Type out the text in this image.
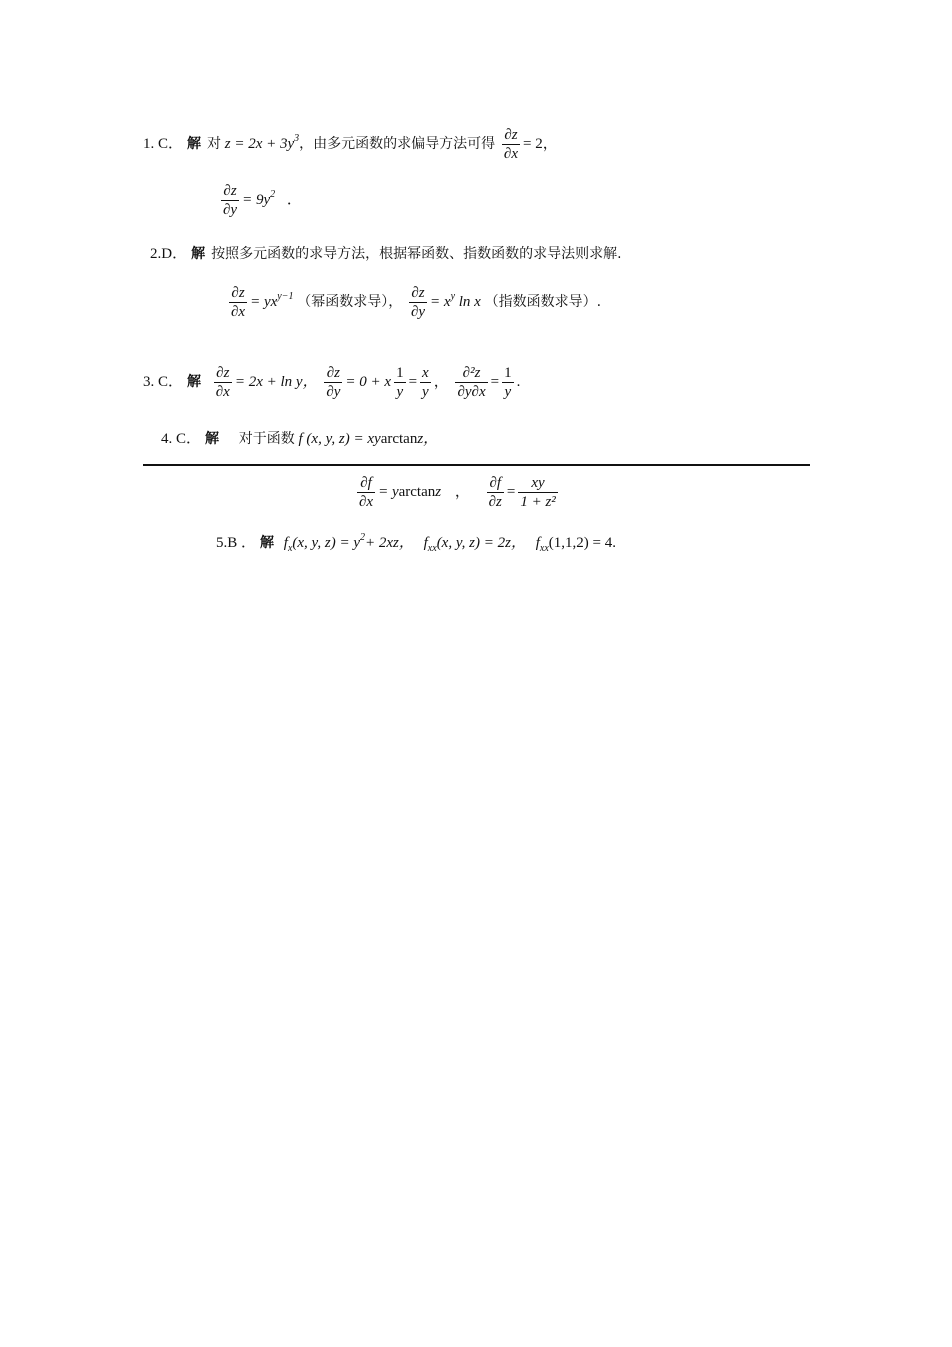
1. C． 解 对 $z = 2x + 3y^3$，由多元函数的求偏导方法可得 $\frac{\partial z}{\partial x} = 2$，
$\frac{\partial z}{\partial y} = 9y^2$ ．
2.D． 解 按照多元函数的求导方法，根据幂函数、指数函数的求导法则求解.
$\frac{\partial z}{\partial x} = yx^{y-1}$ （幂函数求导）， $\frac{\partial z}{\partial y} = x^y$ ln x （指数函数求导）.
3. C． 解 $\frac{\partial z}{\partial x} = 2x + \ln y$， $\frac{\partial z}{\partial y} = 0 + x \frac{1}{y} = \frac{x}{y}$ ， $\frac{\text{∂²z}}{\partial y\partial x} = \frac{1}{y}$ .
4. C． 解 对于函数 f (x, y, z) = xyarctanz，
$\frac{\partial f}{\partial x} = yarctanz$ ， $\frac{\partial f}{\partial z} = \frac{xy}{\text{1 + z²}}$
5.B ． 解 $f_x(x$, y, $z) = y^2+ 2xz$， $f_{xx}(x$, y, z) = 2z， $f_{xx}(1,1,2) = 4$.
